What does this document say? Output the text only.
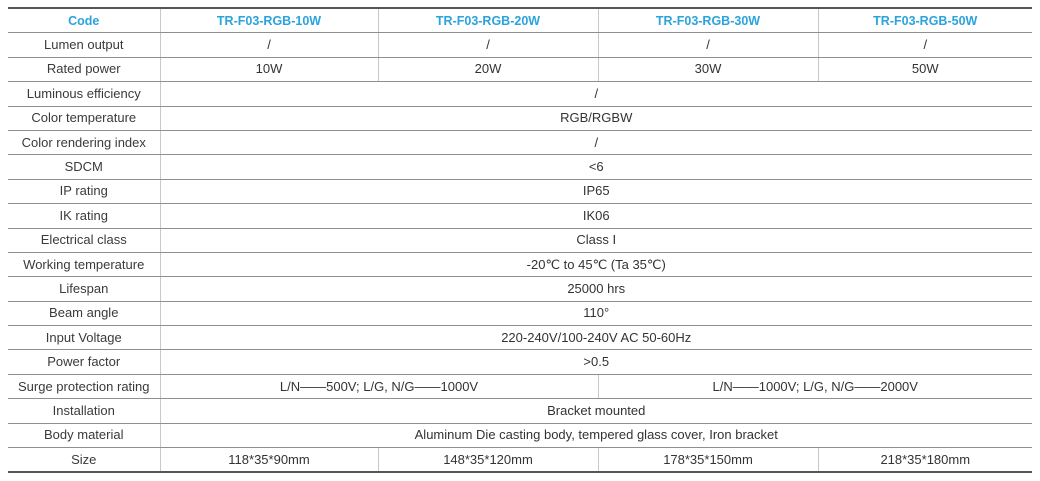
Code	TR-F03-RGB-10W	TR-F03-RGB-20W	TR-F03-RGB-30W	TR-F03-RGB-50W
Lumen output	/	/	/	/
Rated power	10W	20W	30W	50W
Luminous efficiency	/			
Color temperature	RGB/RGBW			
Color rendering index	/			
SDCM	<6			
IP rating	IP65			
IK rating	IK06			
Electrical class	Class I			
Working temperature	-20℃ to 45℃ (Ta 35℃)			
Lifespan	25000 hrs			
Beam angle	110°			
Input Voltage	220-240V/100-240V AC 50-60Hz			
Power factor	>0.5			
Surge protection rating	L/N——500V; L/G, N/G——1000V		L/N——1000V; L/G, N/G——2000V	
Installation	Bracket mounted			
Body material	Aluminum Die casting body, tempered glass cover, Iron bracket			
Size	118*35*90mm	148*35*120mm	178*35*150mm	218*35*180mm
